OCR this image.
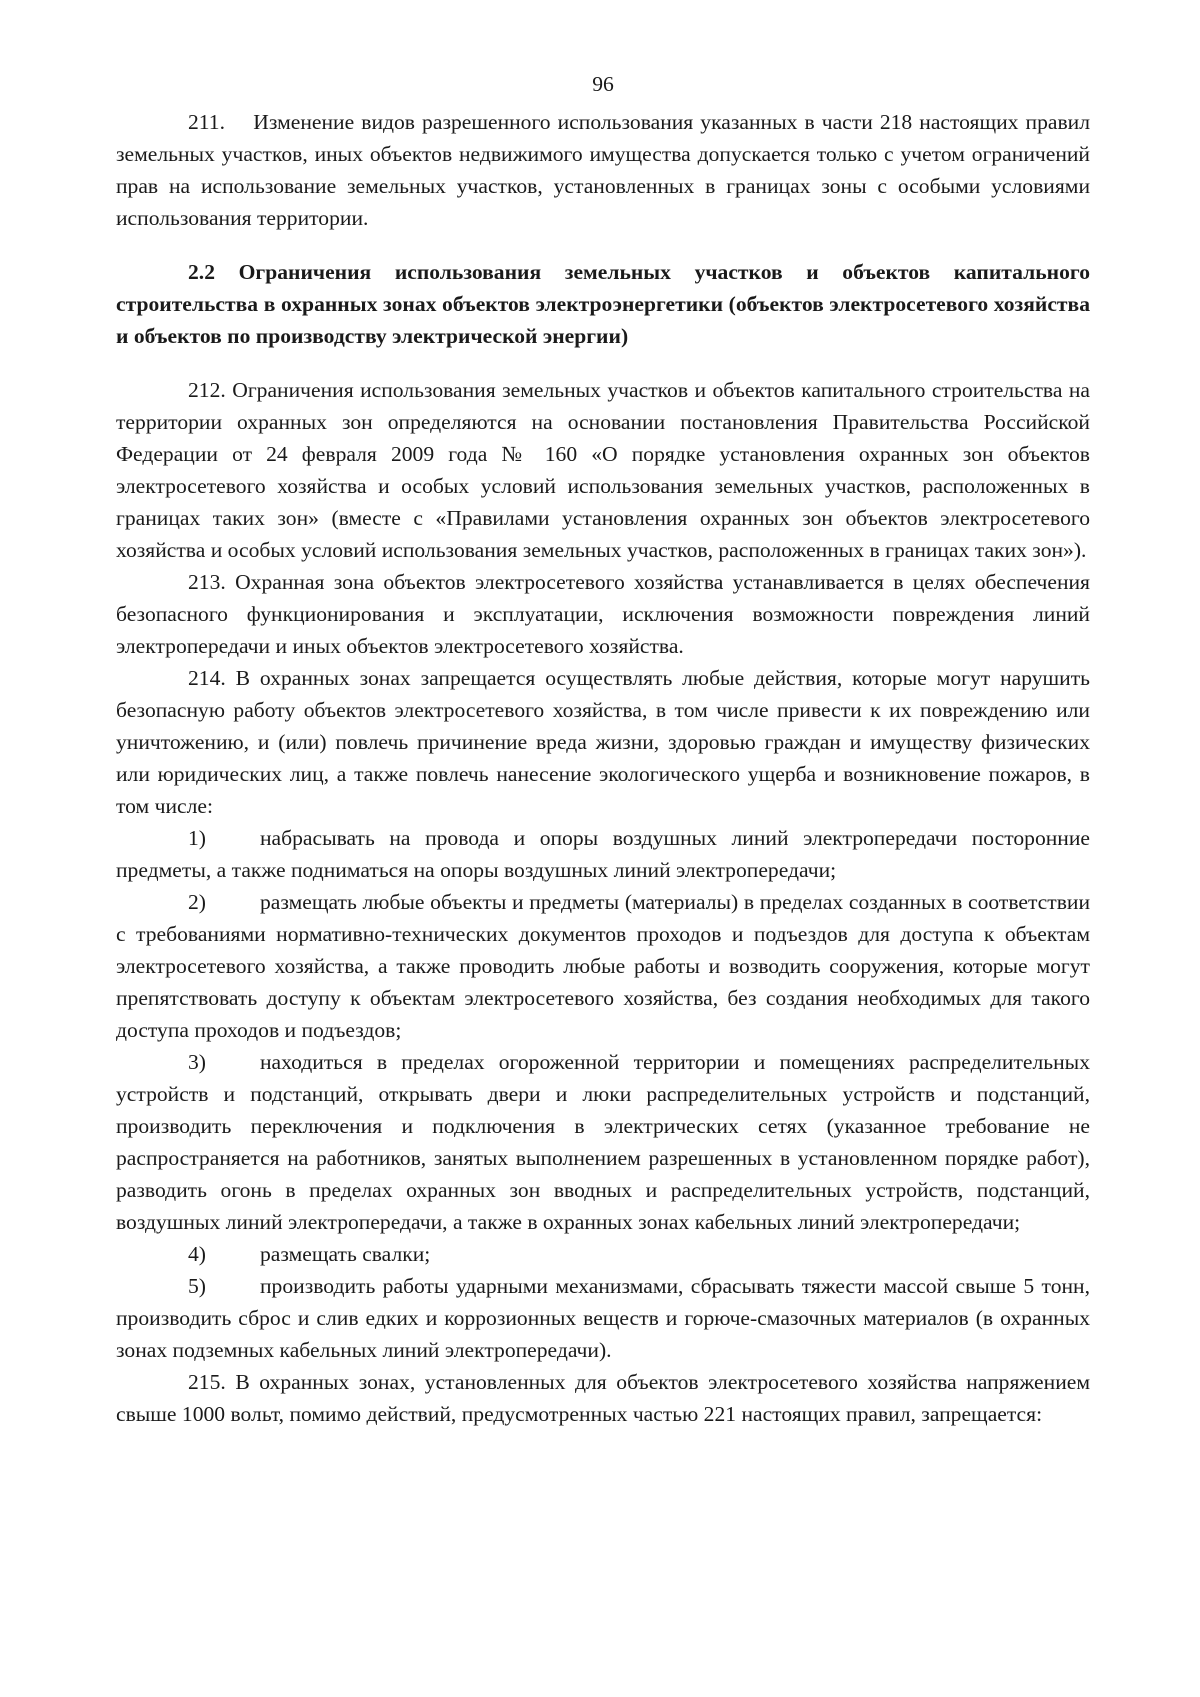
96

211.    Изменение видов разрешенного использования указанных в части 218 настоящих правил земельных участков, иных объектов недвижимого имущества допускается только с учетом ограничений прав на использование земельных участков, установленных в границах зоны с особыми условиями использования территории.

2.2 Ограничения использования земельных участков и объектов капитального строительства в охранных зонах объектов электроэнергетики (объектов электросетевого хозяйства и объектов по производству электрической энергии)

212. Ограничения использования земельных участков и объектов капитального строительства на территории охранных зон определяются на основании постановления Правительства Российской Федерации от 24 февраля 2009 года № 160 «О порядке установления охранных зон объектов электросетевого хозяйства и особых условий использования земельных участков, расположенных в границах таких зон» (вместе с «Правилами установления охранных зон объектов электросетевого хозяйства и особых условий использования земельных участков, расположенных в границах таких зон»).

213. Охранная зона объектов электросетевого хозяйства устанавливается в целях обеспечения безопасного функционирования и эксплуатации, исключения возможности повреждения линий электропередачи и иных объектов электросетевого хозяйства.

214. В охранных зонах запрещается осуществлять любые действия, которые могут нарушить безопасную работу объектов электросетевого хозяйства, в том числе привести к их повреждению или уничтожению, и (или) повлечь причинение вреда жизни, здоровью граждан и имуществу физических или юридических лиц, а также повлечь нанесение экологического ущерба и возникновение пожаров, в том числе:

1)	набрасывать на провода и опоры воздушных линий электропередачи посторонние предметы, а также подниматься на опоры воздушных линий электропередачи;

2)	размещать любые объекты и предметы (материалы) в пределах созданных в соответствии с требованиями нормативно-технических документов проходов и подъездов для доступа к объектам электросетевого хозяйства, а также проводить любые работы и возводить сооружения, которые могут препятствовать доступу к объектам электросетевого хозяйства, без создания необходимых для такого доступа проходов и подъездов;

3)	находиться в пределах огороженной территории и помещениях распределительных устройств и подстанций, открывать двери и люки распределительных устройств и подстанций, производить переключения и подключения в электрических сетях (указанное требование не распространяется на работников, занятых выполнением разрешенных в установленном порядке работ), разводить огонь в пределах охранных зон вводных и распределительных устройств, подстанций, воздушных линий электропередачи, а также в охранных зонах кабельных линий электропередачи;

4)	размещать свалки;

5)	производить работы ударными механизмами, сбрасывать тяжести массой свыше 5 тонн, производить сброс и слив едких и коррозионных веществ и горюче-смазочных материалов (в охранных зонах подземных кабельных линий электропередачи).

215. В охранных зонах, установленных для объектов электросетевого хозяйства напряжением свыше 1000 вольт, помимо действий, предусмотренных частью 221 настоящих правил, запрещается:
